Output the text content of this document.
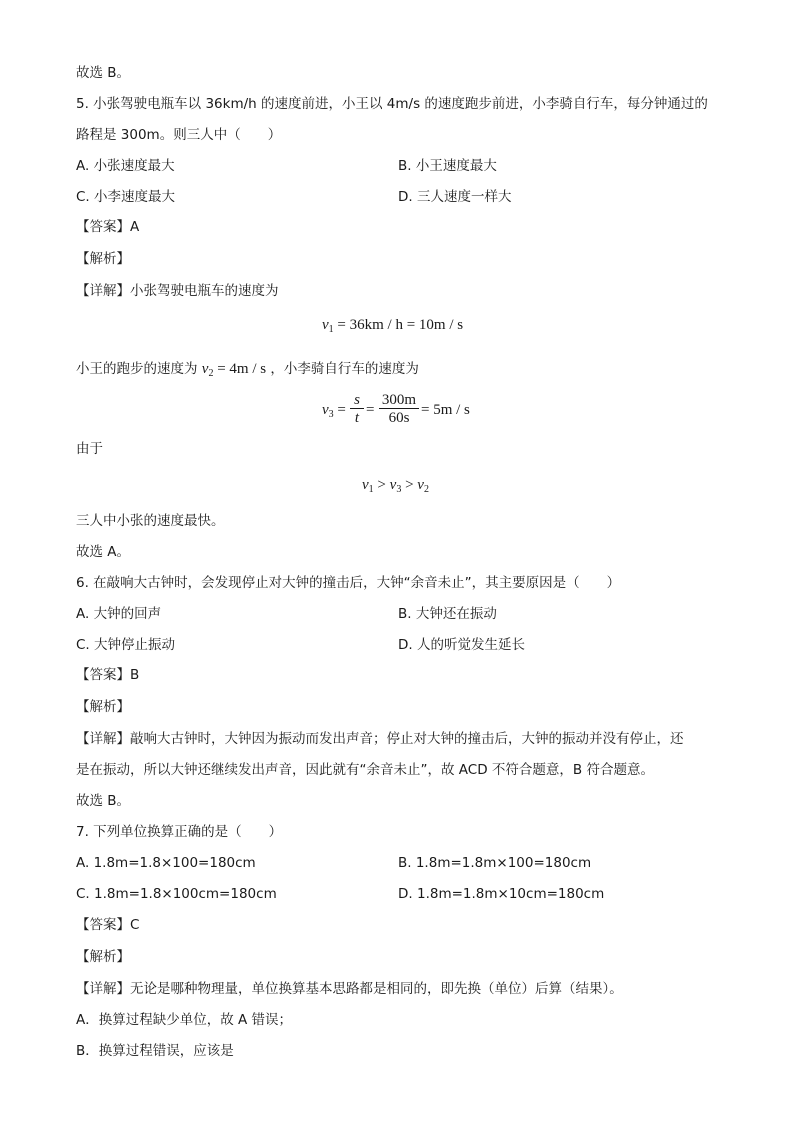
故选 B。
5. 小张驾驶电瓶车以 36km/h 的速度前进，小王以 4m/s 的速度跑步前进，小李骑自行车，每分钟通过的
路程是 300m。则三人中（　　）
A. 小张速度最大	B. 小王速度最大
C. 小李速度最大	D. 三人速度一样大
【答案】A
【解析】
【详解】小张驾驶电瓶车的速度为
$v_1 = 36km / h = 10m / s$
小王的跑步的速度为 $v_2 = 4m / s$ ，小李骑自行车的速度为
$v_3$ =
s
t =
300m
60s = 5m / s
由于
$v_1 > v_3 > v_2$
三人中小张的速度最快。
故选 A。
6. 在敲响大古钟时，会发现停止对大钟的撞击后，大钟“余音未止”，其主要原因是（　　）
A. 大钟的回声	B. 大钟还在振动
C. 大钟停止振动	D. 人的听觉发生延长
【答案】B
【解析】
【详解】敲响大古钟时，大钟因为振动而发出声音；停止对大钟的撞击后，大钟的振动并没有停止，还
是在振动，所以大钟还继续发出声音，因此就有“余音未止”，故 ACD 不符合题意，B 符合题意。
故选 B。
7. 下列单位换算正确的是（　　）
A. 1.8m=1.8×100=180cm	B. 1.8m=1.8m×100=180cm
C. 1.8m=1.8×100cm=180cm	D. 1.8m=1.8m×10cm=180cm
【答案】C
【解析】
【详解】无论是哪种物理量，单位换算基本思路都是相同的，即先换（单位）后算（结果）。
A．换算过程缺少单位，故 A 错误；
B．换算过程错误，应该是
